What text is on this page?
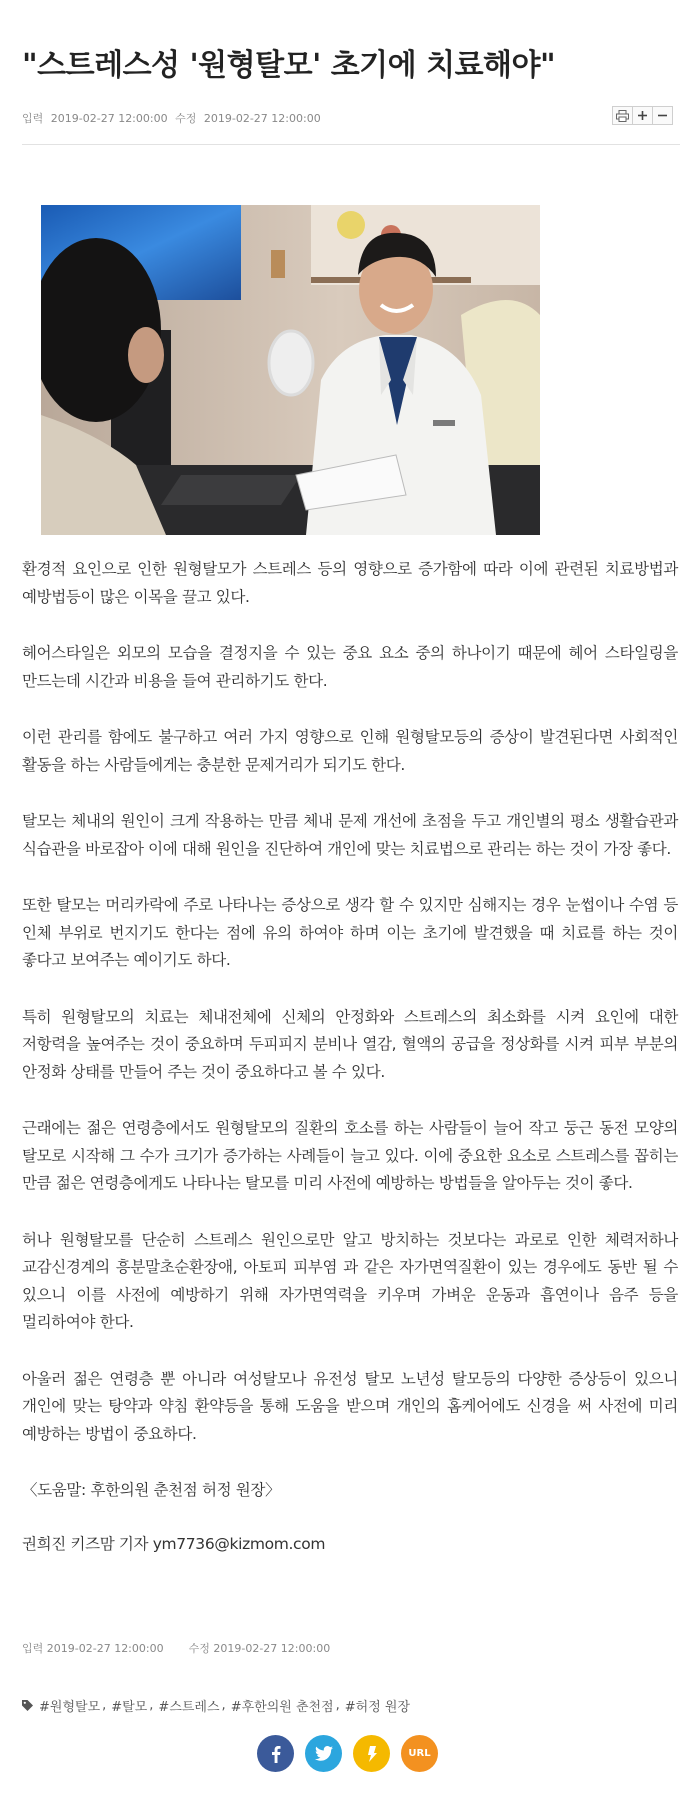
"스트레스성 '원형탈모' 초기에 치료해야"
입력 2019-02-27 12:00:00 수정 2019-02-27 12:00:00

환경적 요인으로 인한 원형탈모가 스트레스 등의 영향으로 증가함에 따라 이에 관련된 치료방법과 예방법등이 많은 이목을 끌고 있다.

헤어스타일은 외모의 모습을 결정지을 수 있는 중요 요소 중의 하나이기 때문에 헤어 스타일링을 만드는데 시간과 비용을 들여 관리하기도 한다.

이런 관리를 함에도 불구하고 여러 가지 영향으로 인해 원형탈모등의 증상이 발견된다면 사회적인 활동을 하는 사람들에게는 충분한 문제거리가 되기도 한다.

탈모는 체내의 원인이 크게 작용하는 만큼 체내 문제 개선에 초점을 두고 개인별의 평소 생활습관과 식습관을 바로잡아 이에 대해 원인을 진단하여 개인에 맞는 치료법으로 관리는 하는 것이 가장 좋다.

또한 탈모는 머리카락에 주로 나타나는 증상으로 생각 할 수 있지만 심해지는 경우 눈썹이나 수염 등 인체 부위로 번지기도 한다는 점에 유의 하여야 하며 이는 초기에 발견했을 때 치료를 하는 것이 좋다고 보여주는 예이기도 하다.

특히 원형탈모의 치료는 체내전체에 신체의 안정화와 스트레스의 최소화를 시켜 요인에 대한 저항력을 높여주는 것이 중요하며 두피피지 분비나 열감, 혈액의 공급을 정상화를 시켜 피부 부분의 안정화 상태를 만들어 주는 것이 중요하다고 볼 수 있다.

근래에는 젊은 연령층에서도 원형탈모의 질환의 호소를 하는 사람들이 늘어 작고 둥근 동전 모양의 탈모로 시작해 그 수가 크기가 증가하는 사례들이 늘고 있다. 이에 중요한 요소로 스트레스를 꼽히는 만큼 젊은 연령층에게도 나타나는 탈모를 미리 사전에 예방하는 방법들을 알아두는 것이 좋다.

허나 원형탈모를 단순히 스트레스 원인으로만 알고 방치하는 것보다는 과로로 인한 체력저하나 교감신경계의 흥분말초순환장애, 아토피 피부염 과 같은 자가면역질환이 있는 경우에도 동반 될 수 있으니 이를 사전에 예방하기 위해 자가면역력을 키우며 가벼운 운동과 흡연이나 음주 등을 멀리하여야 한다.

아울러 젊은 연령층 뿐 아니라 여성탈모나 유전성 탈모 노년성 탈모등의 다양한 증상등이 있으니 개인에 맞는 탕약과 약침 환약등을 통해 도움을 받으며 개인의 홈케어에도 신경을 써 사전에 미리 예방하는 방법이 중요하다.

〈도움말: 후한의원 춘천점 허정 원장〉

권희진 키즈맘 기자 ym7736@kizmom.com

입력 2019-02-27 12:00:00 수정 2019-02-27 12:00:00
#원형탈모 , #탈모 , #스트레스 , #후한의원 춘천점 , #허정 원장
URL
